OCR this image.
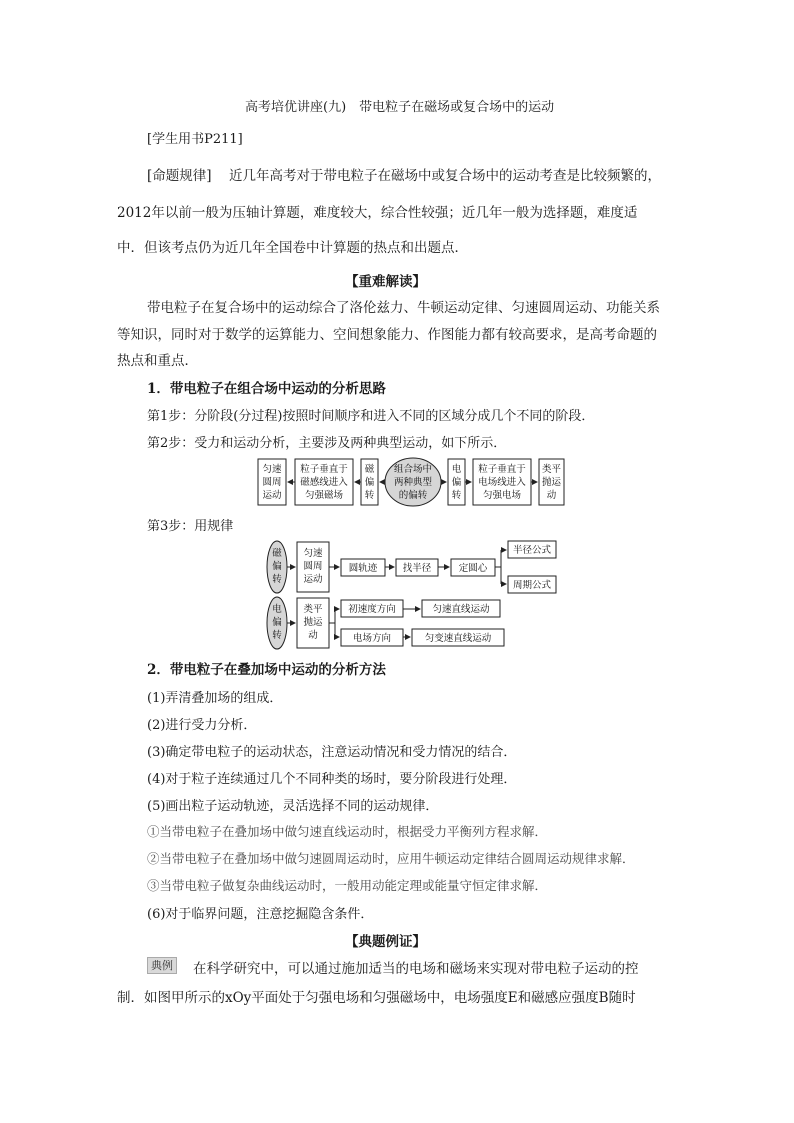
高考培优讲座(九)　带电粒子在磁场或复合场中的运动
[学生用书P211]
[命题规律] 近几年高考对于带电粒子在磁场中或复合场中的运动考查是比较频繁的，
2012年以前一般为压轴计算题，难度较大，综合性较强；近几年一般为选择题，难度适
中．但该考点仍为近几年全国卷中计算题的热点和出题点．
【重难解读】
带电粒子在复合场中的运动综合了洛伦兹力、牛顿运动定律、匀速圆周运动、功能关系
等知识，同时对于数学的运算能力、空间想象能力、作图能力都有较高要求，是高考命题的
热点和重点．
1．带电粒子在组合场中运动的分析思路
第1步：分阶段(分过程)按照时间顺序和进入不同的区域分成几个不同的阶段．
第2步：受力和运动分析，主要涉及两种典型运动，如下所示．
匀速
圆周
运动
粒子垂直于
磁感线进入
匀强磁场
磁
偏
转
组合场中
两种典型
的偏转
电
偏
转
粒子垂直于
电场线进入
匀强电场
类平
抛运
动
第3步：用规律
磁
偏
转
匀速
圆周
运动
圆轨迹	找半径	定圆心
半径公式
周期公式
电
偏
转
类平
抛运
动
初速度方向	匀速直线运动
电场方向	匀变速直线运动
2．带电粒子在叠加场中运动的分析方法
(1)弄清叠加场的组成．
(2)进行受力分析．
(3)确定带电粒子的运动状态，注意运动情况和受力情况的结合．
(4)对于粒子连续通过几个不同种类的场时，要分阶段进行处理．
(5)画出粒子运动轨迹，灵活选择不同的运动规律．
①当带电粒子在叠加场中做匀速直线运动时，根据受力平衡列方程求解．
②当带电粒子在叠加场中做匀速圆周运动时，应用牛顿运动定律结合圆周运动规律求解．
③当带电粒子做复杂曲线运动时，一般用动能定理或能量守恒定律求解．
(6)对于临界问题，注意挖掘隐含条件．
【典题例证】
典例 在科学研究中，可以通过施加适当的电场和磁场来实现对带电粒子运动的控
制．如图甲所示的xOy平面处于匀强电场和匀强磁场中，电场强度E和磁感应强度B随时
